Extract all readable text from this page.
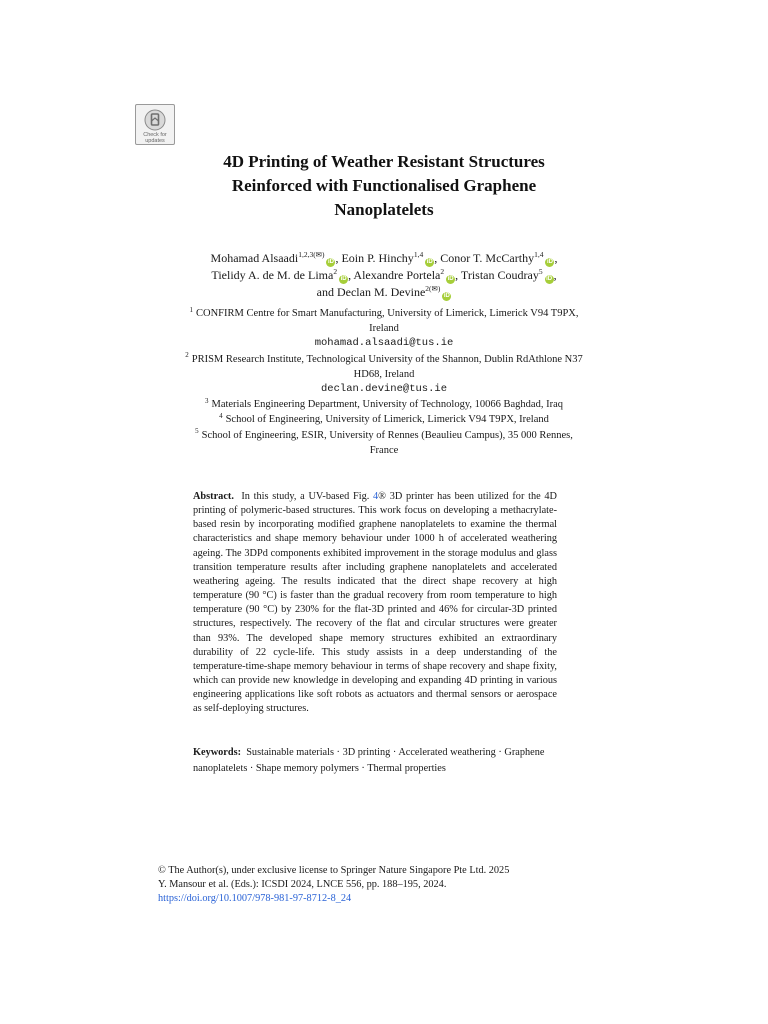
Check for
updates
4D Printing of Weather Resistant Structures
Reinforced with Functionalised Graphene
Nanoplatelets
Mohamad Alsaadi$^{1,2,3(✉)}$iD , Eoin P. Hinchy$^{1,4}$iD , Conor T. McCarthy$^{1,4}$iD ,
Tielidy A. de M. de Lima$^2$iD , Alexandre Portela$^2$iD , Tristan Coudray$^5$iD ,
and Declan M. Devine$^{2(✉)}$iD
$^1$ CONFIRM Centre for Smart Manufacturing, University of Limerick, Limerick V94 T9PX,
Ireland
mohamad.alsaadi@tus.ie
$^2$ PRISM Research Institute, Technological University of the Shannon, Dublin RdAthlone N37
HD68, Ireland
declan.devine@tus.ie
$^3$ Materials Engineering Department, University of Technology, 10066 Baghdad, Iraq
$^4$ School of Engineering, University of Limerick, Limerick V94 T9PX, Ireland
$^5$ School of Engineering, ESIR, University of Rennes (Beaulieu Campus), 35 000 Rennes,
France
Abstract. In this study, a UV-based Fig. 4® 3D printer has been utilized for the 4D printing of polymeric-based structures. This work focus on developing a methacrylate-based resin by incorporating modified graphene nanoplatelets to examine the thermal characteristics and shape memory behaviour under 1000 h of accelerated weathering ageing. The 3DPd components exhibited improvement in the storage modulus and glass transition temperature results after including graphene nanoplatelets and accelerated weathering ageing. The results indicated that the direct shape recovery at high temperature (90 °C) is faster than the gradual recovery from room temperature to high temperature (90 °C) by 230% for the flat-3D printed and 46% for circular-3D printed structures, respectively. The recovery of the flat and circular structures were greater than 93%. The developed shape memory structures exhibited an extraordinary durability of 22 cycle-life. This study assists in a deep understanding of the temperature-time-shape memory behaviour in terms of shape recovery and shape fixity, which can provide new knowledge in developing and expanding 4D printing in various engineering applications like soft robots as actuators and thermal sensors or aerospace as self-deploying structures.
Keywords: Sustainable materials · 3D printing · Accelerated weathering · Graphene nanoplatelets · Shape memory polymers · Thermal properties
© The Author(s), under exclusive license to Springer Nature Singapore Pte Ltd. 2025
Y. Mansour et al. (Eds.): ICSDI 2024, LNCE 556, pp. 188–195, 2024.
https://doi.org/10.1007/978-981-97-8712-8_24
